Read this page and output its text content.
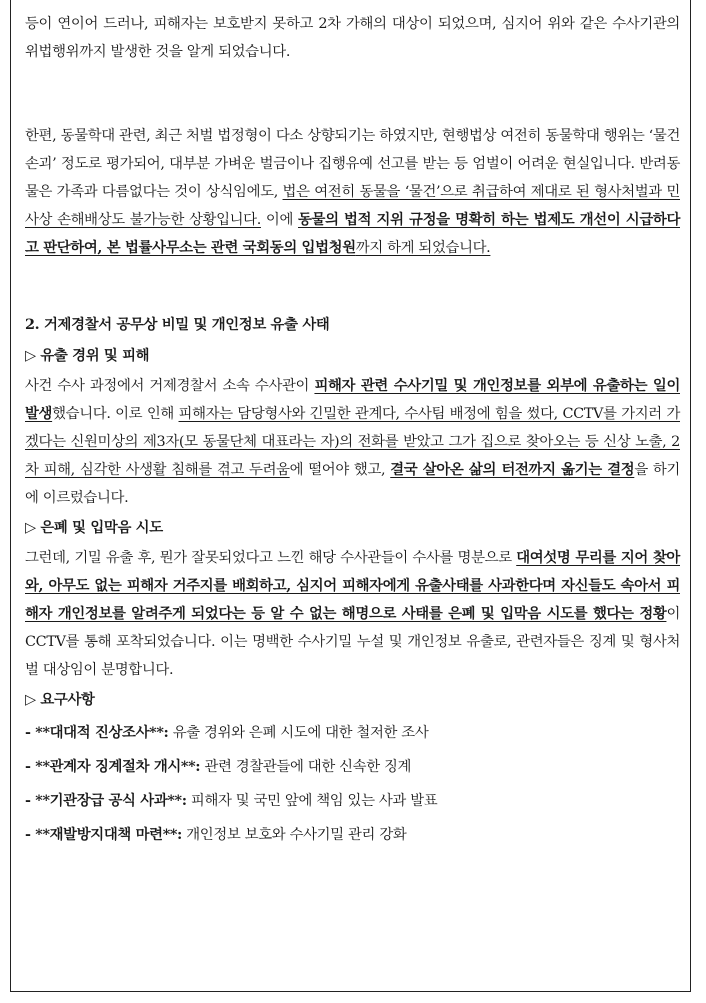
등이 연이어 드러나, 피해자는 보호받지 못하고 2차 가해의 대상이 되었으며, 심지어 위와 같은 수사기관의 위법행위까지 발생한 것을 알게 되었습니다.

한편, 동물학대 관련, 최근 처벌 법정형이 다소 상향되기는 하였지만, 현행법상 여전히 동물학대 행위는 ‘물건 손괴’ 정도로 평가되어, 대부분 가벼운 벌금이나 집행유예 선고를 받는 등 엄벌이 어려운 현실입니다. 반려동물은 가족과 다름없다는 것이 상식임에도, 법은 여전히 동물을 ‘물건’으로 취급하여 제대로 된 형사처벌과 민사상 손해배상도 불가능한 상황입니다. 이에 동물의 법적 지위 규정을 명확히 하는 법제도 개선이 시급하다고 판단하여, 본 법률사무소는 관련 국회동의 입법청원까지 하게 되었습니다.

2. 거제경찰서 공무상 비밀 및 개인정보 유출 사태

▷ 유출 경위 및 피해

사건 수사 과정에서 거제경찰서 소속 수사관이 피해자 관련 수사기밀 및 개인정보를 외부에 유출하는 일이 발생했습니다. 이로 인해 피해자는 담당형사와 긴밀한 관계다, 수사팀 배정에 힘을 썼다, CCTV를 가지러 가겠다는 신원미상의 제3자(모 동물단체 대표라는 자)의 전화를 받았고 그가 집으로 찾아오는 등 신상 노출, 2차 피해, 심각한 사생활 침해를 겪고 두려움에 떨어야 했고, 결국 살아온 삶의 터전까지 옮기는 결정을 하기에 이르렀습니다.

▷ 은폐 및 입막음 시도

그런데, 기밀 유출 후, 뭔가 잘못되었다고 느낀 해당 수사관들이 수사를 명분으로 대여섯명 무리를 지어 찾아와, 아무도 없는 피해자 거주지를 배회하고, 심지어 피해자에게 유출사태를 사과한다며 자신들도 속아서 피해자 개인정보를 알려주게 되었다는 등 알 수 없는 해명으로 사태를 은폐 및 입막음 시도를 했다는 정황이 CCTV를 통해 포착되었습니다. 이는 명백한 수사기밀 누설 및 개인정보 유출로, 관련자들은 징계 및 형사처벌 대상임이 분명합니다.

▷ 요구사항

- **대대적 진상조사**: 유출 경위와 은폐 시도에 대한 철저한 조사

- **관계자 징계절차 개시**: 관련 경찰관들에 대한 신속한 징계

- **기관장급 공식 사과**: 피해자 및 국민 앞에 책임 있는 사과 발표

- **재발방지대책 마련**: 개인정보 보호와 수사기밀 관리 강화
